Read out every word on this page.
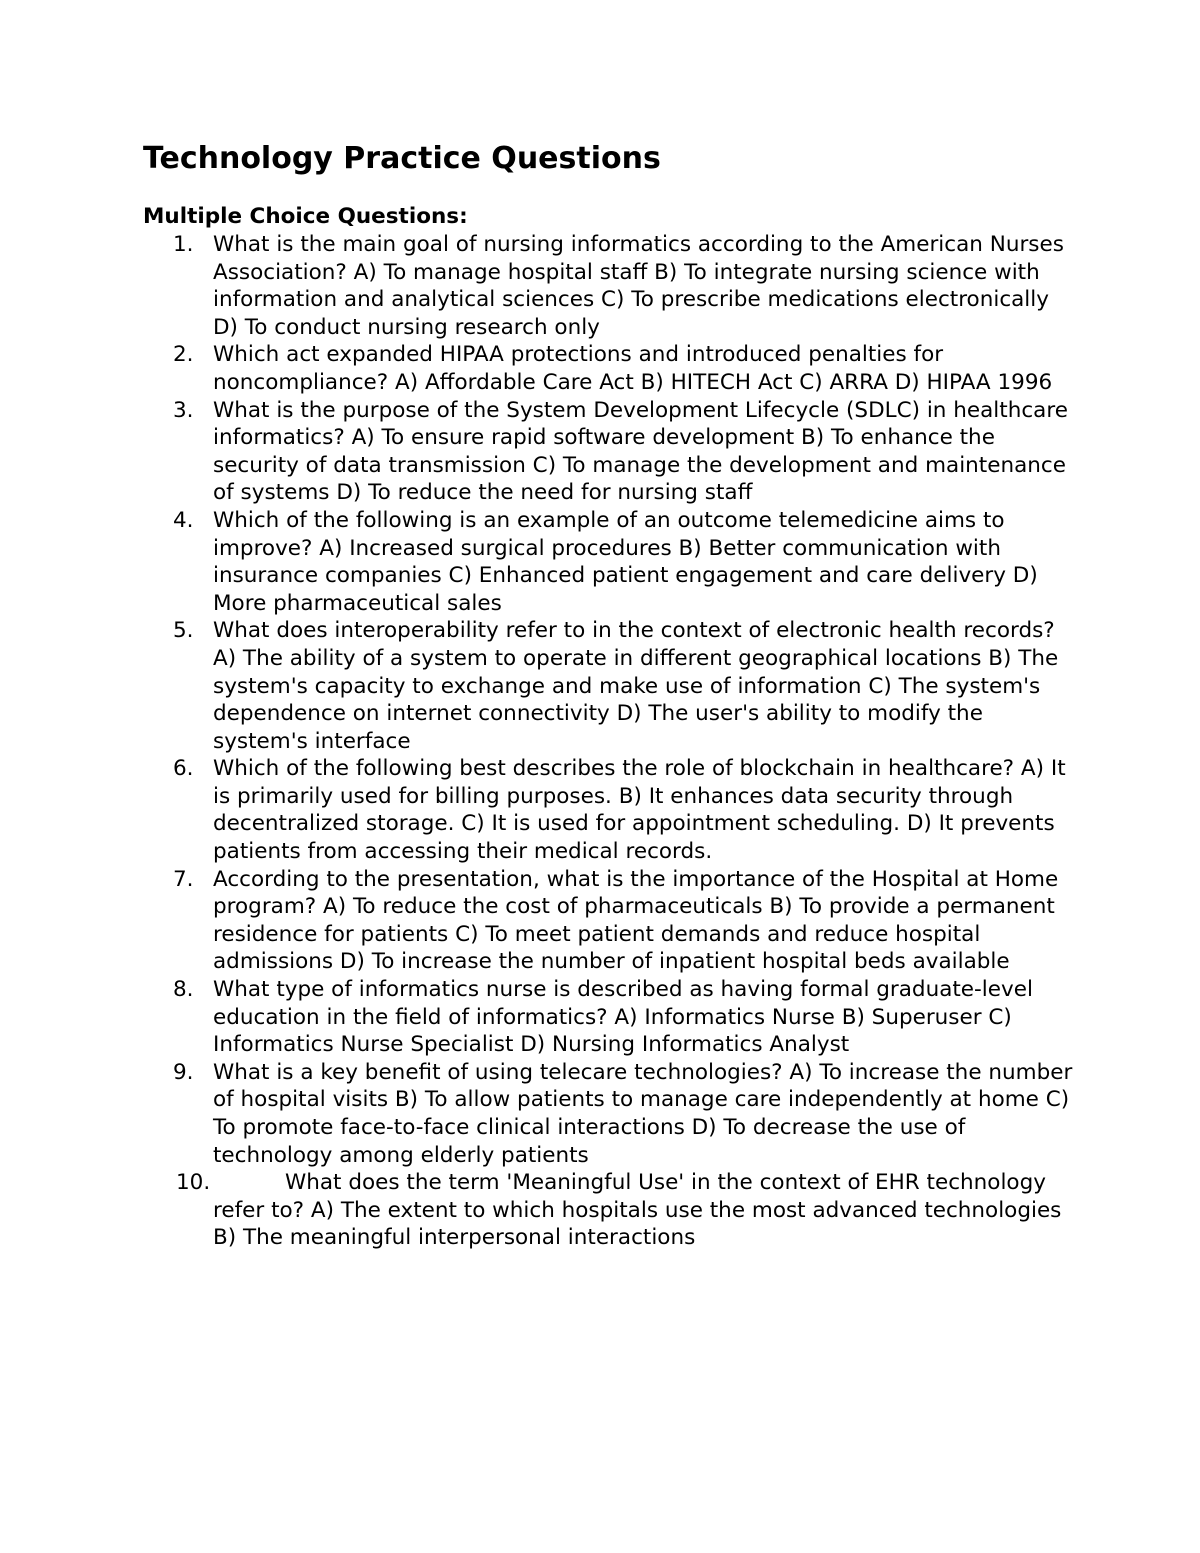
Technology Practice Questions
Multiple Choice Questions:
1. What is the main goal of nursing informatics according to the American Nurses Association? A) To manage hospital staff B) To integrate nursing science with information and analytical sciences C) To prescribe medications electronically D) To conduct nursing research only
2. Which act expanded HIPAA protections and introduced penalties for noncompliance? A) Affordable Care Act B) HITECH Act C) ARRA D) HIPAA 1996
3. What is the purpose of the System Development Lifecycle (SDLC) in healthcare informatics? A) To ensure rapid software development B) To enhance the security of data transmission C) To manage the development and maintenance of systems D) To reduce the need for nursing staff
4. Which of the following is an example of an outcome telemedicine aims to improve? A) Increased surgical procedures B) Better communication with insurance companies C) Enhanced patient engagement and care delivery D) More pharmaceutical sales
5. What does interoperability refer to in the context of electronic health records? A) The ability of a system to operate in different geographical locations B) The system's capacity to exchange and make use of information C) The system's dependence on internet connectivity D) The user's ability to modify the system's interface
6. Which of the following best describes the role of blockchain in healthcare? A) It is primarily used for billing purposes. B) It enhances data security through decentralized storage. C) It is used for appointment scheduling. D) It prevents patients from accessing their medical records.
7. According to the presentation, what is the importance of the Hospital at Home program? A) To reduce the cost of pharmaceuticals B) To provide a permanent residence for patients C) To meet patient demands and reduce hospital admissions D) To increase the number of inpatient hospital beds available
8. What type of informatics nurse is described as having formal graduate-level education in the field of informatics? A) Informatics Nurse B) Superuser C) Informatics Nurse Specialist D) Nursing Informatics Analyst
9. What is a key benefit of using telecare technologies? A) To increase the number of hospital visits B) To allow patients to manage care independently at home C) To promote face-to-face clinical interactions D) To decrease the use of technology among elderly patients
10.	What does the term 'Meaningful Use' in the context of EHR technology refer to? A) The extent to which hospitals use the most advanced technologies B) The meaningful interpersonal interactions
